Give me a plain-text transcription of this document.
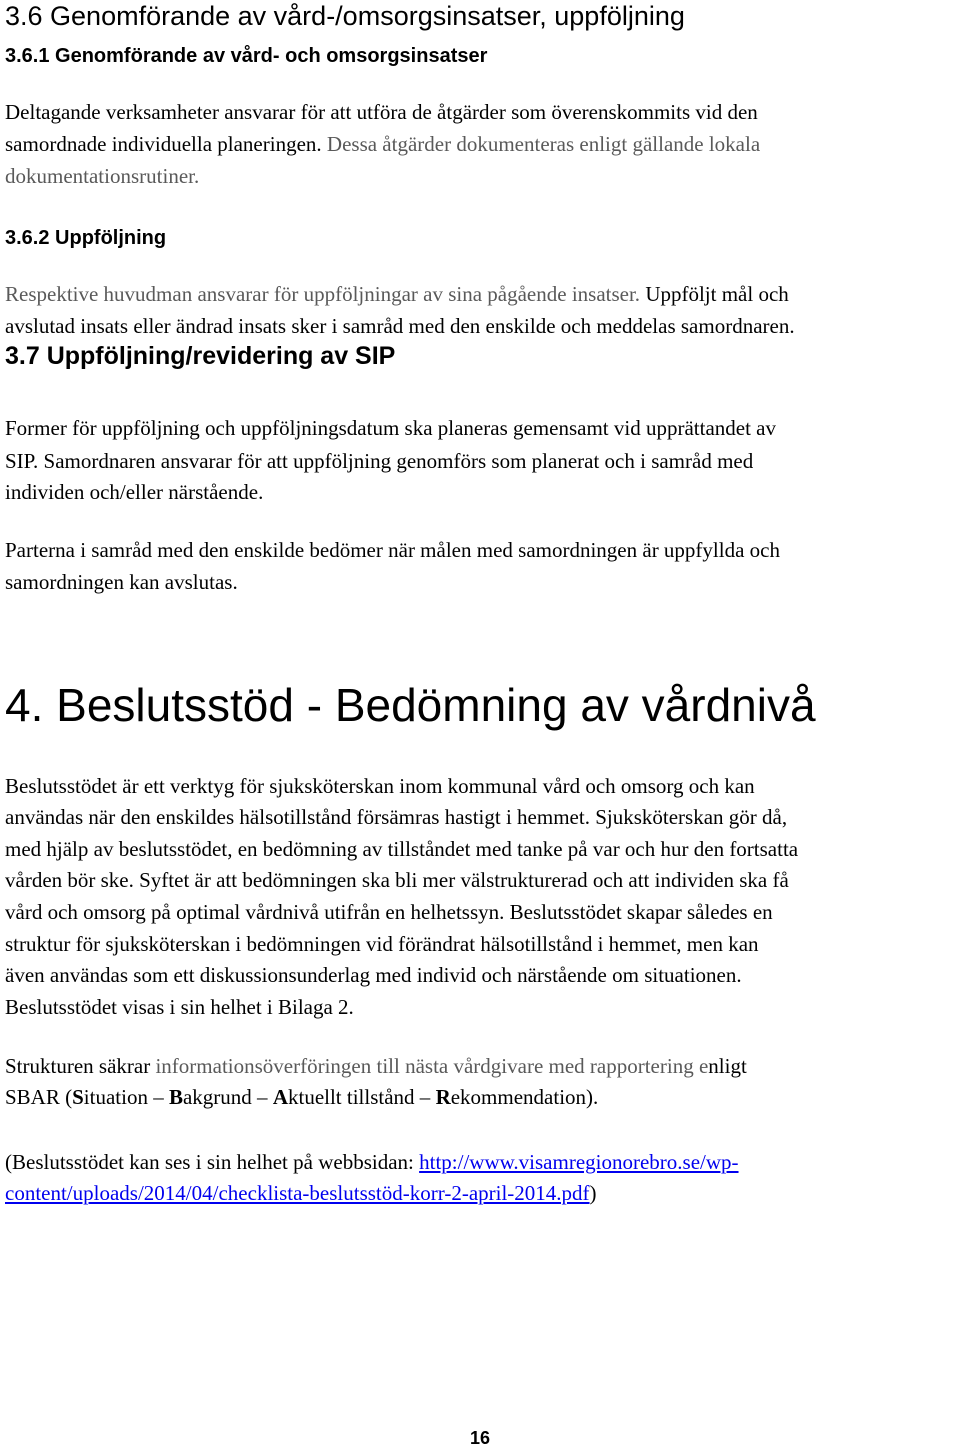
3.6 Genomförande av vård-/omsorgsinsatser, uppföljning
3.6.1 Genomförande av vård- och omsorgsinsatser
Deltagande verksamheter ansvarar för att utföra de åtgärder som överenskommits vid den
samordnade individuella planeringen. Dessa åtgärder dokumenteras enligt gällande lokala
dokumentationsrutiner.
3.6.2 Uppföljning
Respektive huvudman ansvarar för uppföljningar av sina pågående insatser. Uppföljt mål och
avslutad insats eller ändrad insats sker i samråd med den enskilde och meddelas samordnaren.
3.7 Uppföljning/revidering av SIP
Former för uppföljning och uppföljningsdatum ska planeras gemensamt vid upprättandet av
SIP. Samordnaren ansvarar för att uppföljning genomförs som planerat och i samråd med
individen och/eller närstående.
Parterna i samråd med den enskilde bedömer när målen med samordningen är uppfyllda och
samordningen kan avslutas.
4. Beslutsstöd - Bedömning av vårdnivå
Beslutsstödet är ett verktyg för sjuksköterskan inom kommunal vård och omsorg och kan
användas när den enskildes hälsotillstånd försämras hastigt i hemmet. Sjuksköterskan gör då,
med hjälp av beslutsstödet, en bedömning av tillståndet med tanke på var och hur den fortsatta
vården bör ske. Syftet är att bedömningen ska bli mer välstrukturerad och att individen ska få
vård och omsorg på optimal vårdnivå utifrån en helhetssyn. Beslutsstödet skapar således en
struktur för sjuksköterskan i bedömningen vid förändrat hälsotillstånd i hemmet, men kan
även användas som ett diskussionsunderlag med individ och närstående om situationen.
Beslutsstödet visas i sin helhet i Bilaga 2.
Strukturen säkrar informationsöverföringen till nästa vårdgivare med rapportering enligt
SBAR (Situation – Bakgrund – Aktuellt tillstånd – Rekommendation).
(Beslutsstödet kan ses i sin helhet på webbsidan: http://www.visamregionorebro.se/wp-
content/uploads/2014/04/checklista-beslutsstöd-korr-2-april-2014.pdf)
16
